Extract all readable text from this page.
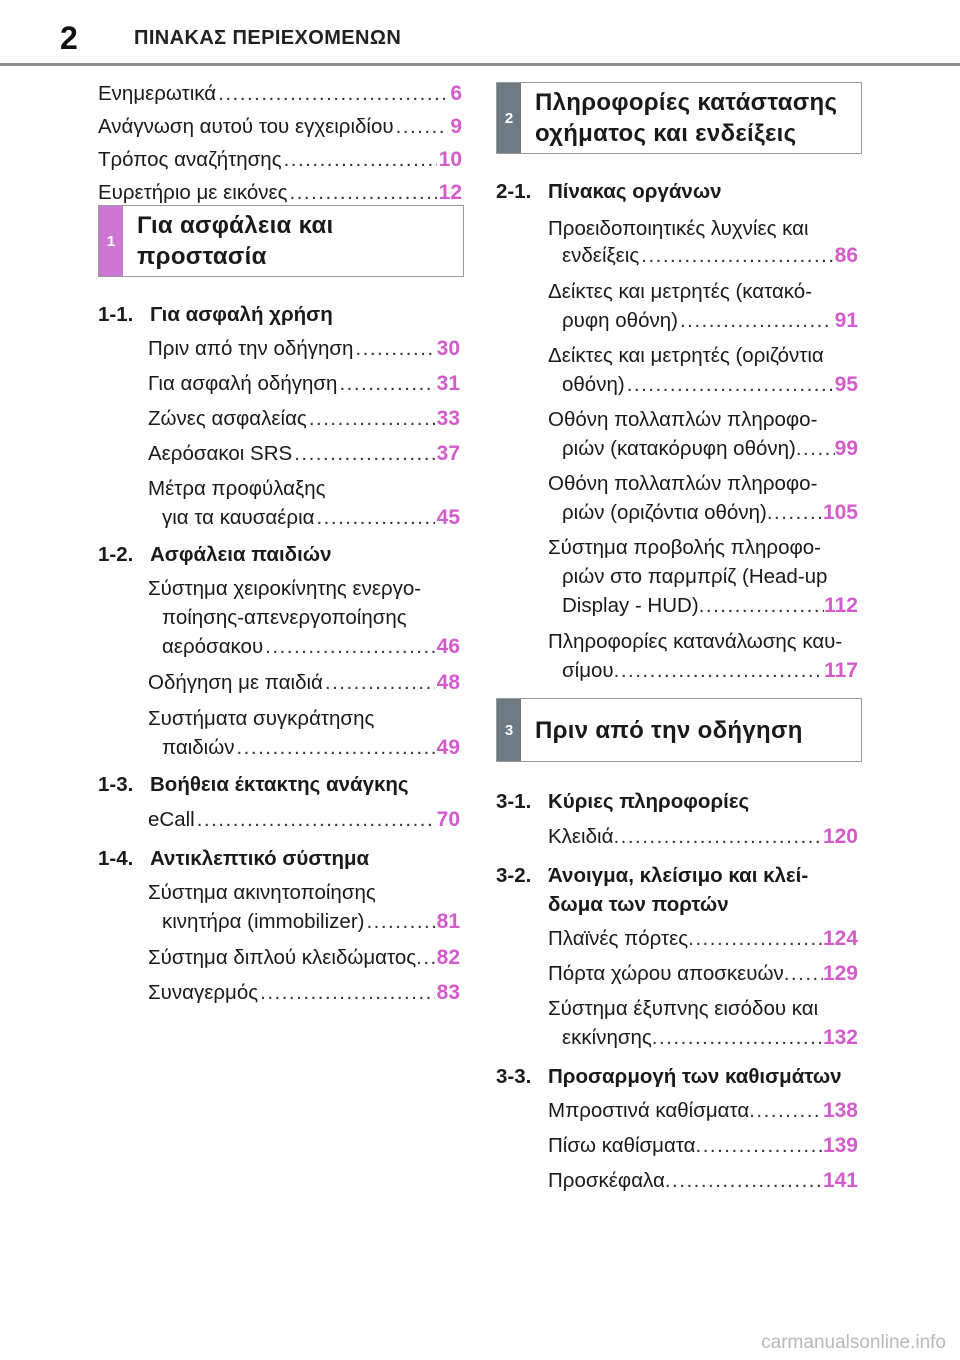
2	ΠΙΝΑΚΑΣ ΠΕΡΙΕΧΟΜΕΝΩΝ
Ενημερωτικά .....	6
Ανάγνωση αυτού του εγχειριδίου .....	9
Τρόπος αναζήτησης .....	10
Ευρετήριο με εικόνες .....	12
1
Για ασφάλεια και
προστασία
1-1. Για ασφαλή χρήση
Πριν από την οδήγηση .....	30
Για ασφαλή οδήγηση .....	31
Ζώνες ασφαλείας .....	33
Αερόσακοι SRS .....	37
Μέτρα προφύλαξης
για τα καυσαέρια .....	45
1-2. Ασφάλεια παιδιών
Σύστημα χειροκίνητης ενεργο-
ποίησης-απενεργοποίησης
αερόσακου .....	46
Οδήγηση με παιδιά .....	48
Συστήματα συγκράτησης
παιδιών .....	49
1-3. Βοήθεια έκτακτης ανάγκης
eCall .....	70
1-4. Αντικλεπτικό σύστημα
Σύστημα ακινητοποίησης
κινητήρα (immobilizer) .....	81
Σύστημα διπλού κλειδώματος ..... 82
Συναγερμός .....	83
2
Πληροφορίες κατάστασης
οχήματος και ενδείξεις
2-1. Πίνακας οργάνων
Προειδοποιητικές λυχνίες και
ενδείξεις .....	86
Δείκτες και μετρητές (κατακό-
ρυφη οθόνη) .....	91
Δείκτες και μετρητές (οριζόντια
οθόνη) .....	95
Οθόνη πολλαπλών πληροφο-
ριών (κατακόρυφη οθόνη) ..... 99
Οθόνη πολλαπλών πληροφο-
ριών (οριζόντια οθόνη) .....	105
Σύστημα προβολής πληροφο-
ριών στο παρμπρίζ (Head-up
Display - HUD) .....	112
Πληροφορίες κατανάλωσης καυ-
σίμου .....	117
3 Πριν από την οδήγηση
3-1. Κύριες πληροφορίες
Κλειδιά .....	120
3-2. Άνοιγμα, κλείσιμο και κλεί-
δωμα των πορτών
Πλαϊνές πόρτες .....	124
Πόρτα χώρου αποσκευών ..... 129
Σύστημα έξυπνης εισόδου και
εκκίνησης .....	132
3-3. Προσαρμογή των καθισμάτων
Μπροστινά καθίσματα .....	138
Πίσω καθίσματα .....	139
Προσκέφαλα .....	141
carmanualsonline.info
